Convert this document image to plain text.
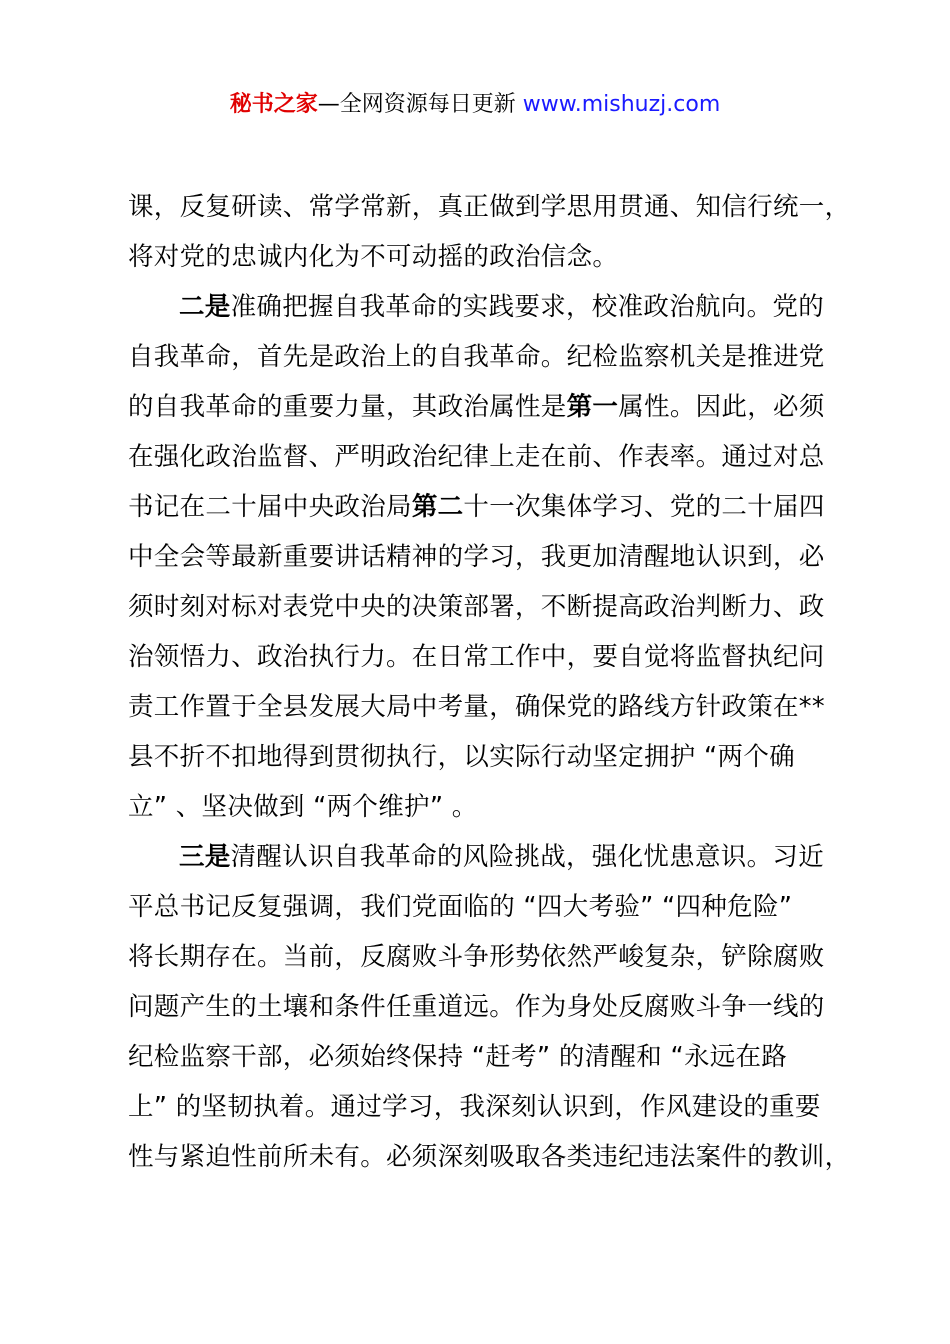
秘书之家—全网资源每日更新 www.mishuzj.com
课，反复研读、常学常新，真正做到学思用贯通、知信行统一，
将对党的忠诚内化为不可动摇的政治信念。
二是准确把握自我革命的实践要求，校准政治航向。党的
自我革命，首先是政治上的自我革命。纪检监察机关是推进党
的自我革命的重要力量，其政治属性是第一属性。因此，必须
在强化政治监督、严明政治纪律上走在前、作表率。通过对总
书记在二十届中央政治局第二十一次集体学习、党的二十届四
中全会等最新重要讲话精神的学习，我更加清醒地认识到，必
须时刻对标对表党中央的决策部署，不断提高政治判断力、政
治领悟力、政治执行力。在日常工作中，要自觉将监督执纪问
责工作置于全县发展大局中考量，确保党的路线方针政策在**
县不折不扣地得到贯彻执行，以实际行动坚定拥护 “两个确
立” 、坚决做到 “两个维护” 。
三是清醒认识自我革命的风险挑战，强化忧患意识。习近
平总书记反复强调，我们党面临的 “四大考验” “四种危险”
将长期存在。当前，反腐败斗争形势依然严峻复杂，铲除腐败
问题产生的土壤和条件任重道远。作为身处反腐败斗争一线的
纪检监察干部，必须始终保持 “赶考” 的清醒和 “永远在路
上” 的坚韧执着。通过学习，我深刻认识到，作风建设的重要
性与紧迫性前所未有。必须深刻吸取各类违纪违法案件的教训，
